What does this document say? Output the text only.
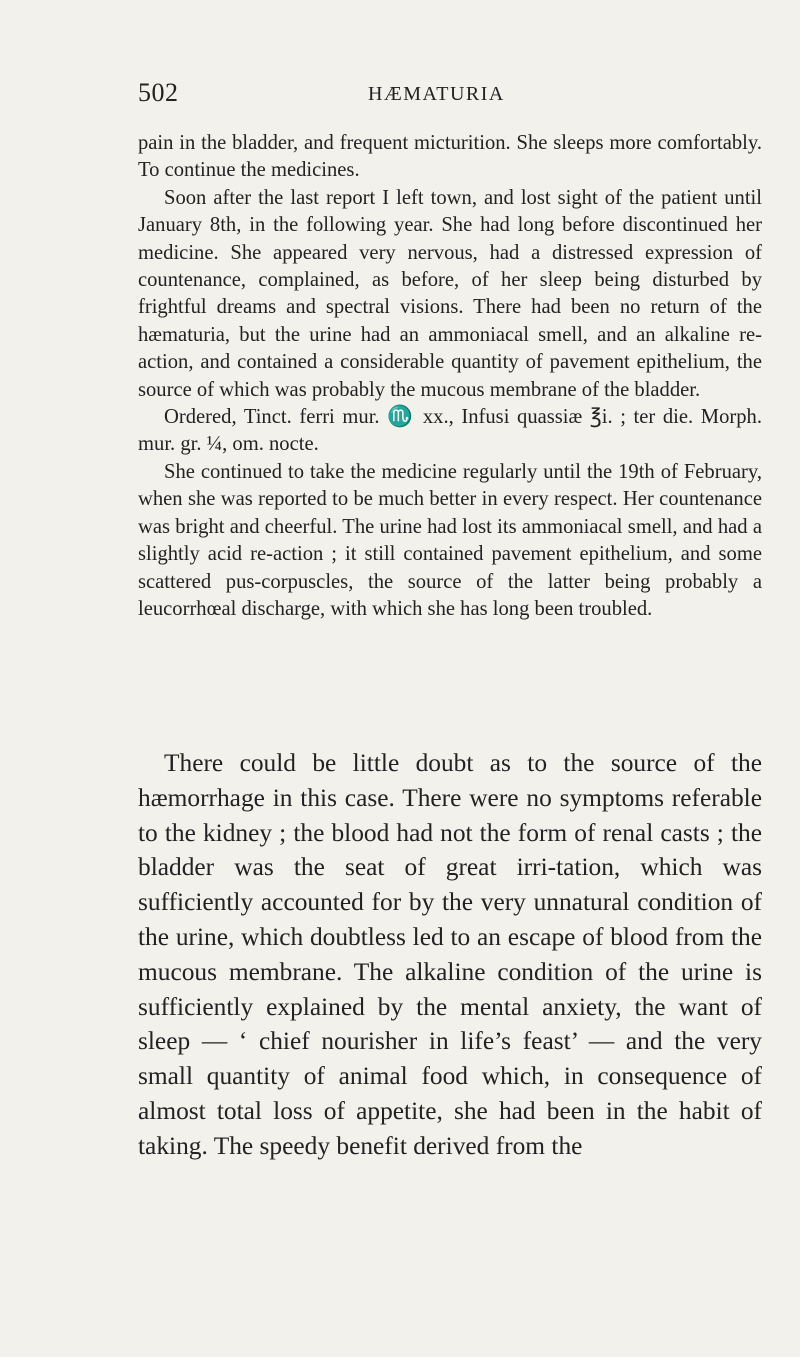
502	HÆMATURIA

pain in the bladder, and frequent micturition. She sleeps more comfortably. To continue the medicines.

Soon after the last report I left town, and lost sight of the patient until January 8th, in the following year. She had long before discontinued her medicine. She appeared very nervous, had a distressed expression of countenance, complained, as before, of her sleep being disturbed by frightful dreams and spectral visions. There had been no return of the hæmaturia, but the urine had an ammoniacal smell, and an alkaline re-action, and contained a considerable quantity of pavement epithelium, the source of which was probably the mucous membrane of the bladder.

Ordered, Tinct. ferri mur. ♏ xx., Infusi quassiæ ℥i. ; ter die. Morph. mur. gr. ¼, om. nocte.

She continued to take the medicine regularly until the 19th of February, when she was reported to be much better in every respect. Her countenance was bright and cheerful. The urine had lost its ammoniacal smell, and had a slightly acid re-action ; it still contained pavement epithelium, and some scattered pus-corpuscles, the source of the latter being probably a leucorrhœal discharge, with which she has long been troubled.

There could be little doubt as to the source of the hæmorrhage in this case. There were no symptoms referable to the kidney ; the blood had not the form of renal casts ; the bladder was the seat of great irri-tation, which was sufficiently accounted for by the very unnatural condition of the urine, which doubtless led to an escape of blood from the mucous membrane. The alkaline condition of the urine is sufficiently explained by the mental anxiety, the want of sleep — ‘ chief nourisher in life’s feast’ — and the very small quantity of animal food which, in consequence of almost total loss of appetite, she had been in the habit of taking. The speedy benefit derived from the
